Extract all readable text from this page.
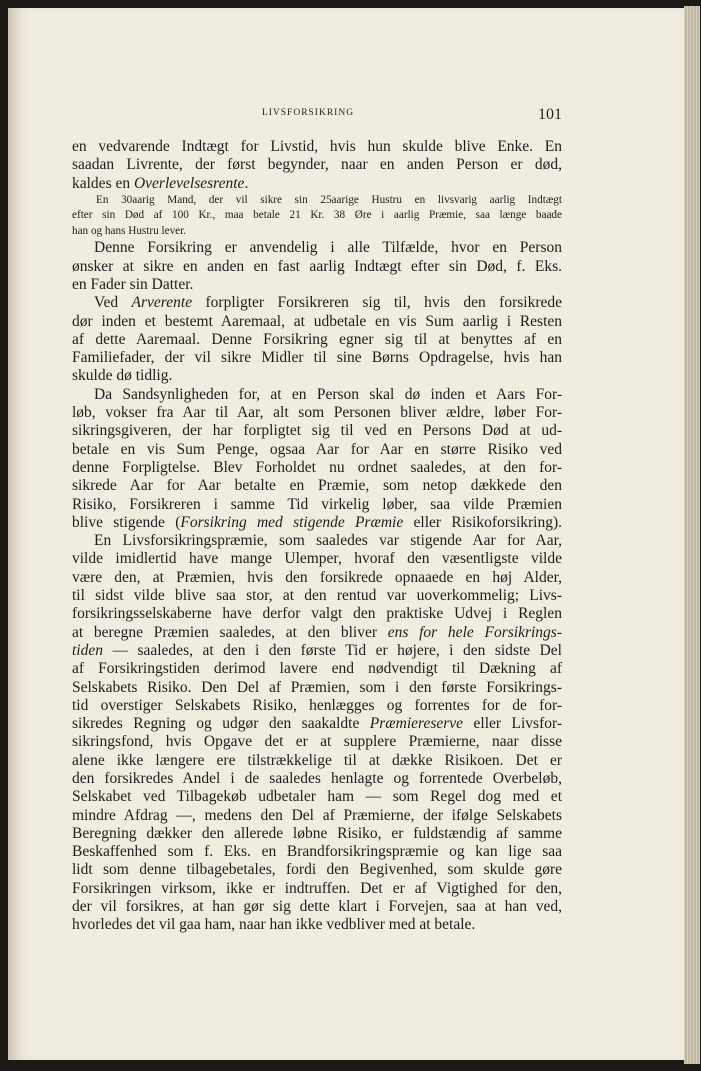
LIVSFORSIKRING	101
en vedvarende Indtægt for Livstid, hvis hun skulde blive Enke. En
saadan Livrente, der først begynder, naar en anden Person er død,
kaldes en Overlevelsesrente.
En 30aarig Mand, der vil sikre sin 25aarige Hustru en livsvarig aarlig Indtægt
efter sin Død af 100 Kr., maa betale 21 Kr. 38 Øre i aarlig Præmie, saa længe baade
han og hans Hustru lever.
Denne Forsikring er anvendelig i alle Tilfælde, hvor en Person
ønsker at sikre en anden en fast aarlig Indtægt efter sin Død, f. Eks.
en Fader sin Datter.
Ved Arverente forpligter Forsikreren sig til, hvis den forsikrede
dør inden et bestemt Aaremaal, at udbetale en vis Sum aarlig i Resten
af dette Aaremaal. Denne Forsikring egner sig til at benyttes af en
Familiefader, der vil sikre Midler til sine Børns Opdragelse, hvis han
skulde dø tidlig.
Da Sandsynligheden for, at en Person skal dø inden et Aars For-
løb, vokser fra Aar til Aar, alt som Personen bliver ældre, løber For-
sikringsgiveren, der har forpligtet sig til ved en Persons Død at ud-
betale en vis Sum Penge, ogsaa Aar for Aar en større Risiko ved
denne Forpligtelse. Blev Forholdet nu ordnet saaledes, at den for-
sikrede Aar for Aar betalte en Præmie, som netop dækkede den
Risiko, Forsikreren i samme Tid virkelig løber, saa vilde Præmien
blive stigende (Forsikring med stigende Præmie eller Risikoforsikring).
En Livsforsikringspræmie, som saaledes var stigende Aar for Aar,
vilde imidlertid have mange Ulemper, hvoraf den væsentligste vilde
være den, at Præmien, hvis den forsikrede opnaaede en høj Alder,
til sidst vilde blive saa stor, at den rentud var uoverkommelig; Livs-
forsikringsselskaberne have derfor valgt den praktiske Udvej i Reglen
at beregne Præmien saaledes, at den bliver ens for hele Forsikrings-
tiden — saaledes, at den i den første Tid er højere, i den sidste Del
af Forsikringstiden derimod lavere end nødvendigt til Dækning af
Selskabets Risiko. Den Del af Præmien, som i den første Forsikrings-
tid overstiger Selskabets Risiko, henlægges og forrentes for de for-
sikredes Regning og udgør den saakaldte Præmiereserve eller Livsfor-
sikringsfond, hvis Opgave det er at supplere Præmierne, naar disse
alene ikke længere ere tilstrækkelige til at dække Risikoen. Det er
den forsikredes Andel i de saaledes henlagte og forrentede Overbeløb,
Selskabet ved Tilbagekøb udbetaler ham — som Regel dog med et
mindre Afdrag —, medens den Del af Præmierne, der ifølge Selskabets
Beregning dækker den allerede løbne Risiko, er fuldstændig af samme
Beskaffenhed som f. Eks. en Brandforsikringspræmie og kan lige saa
lidt som denne tilbagebetales, fordi den Begivenhed, som skulde gøre
Forsikringen virksom, ikke er indtruffen. Det er af Vigtighed for den,
der vil forsikres, at han gør sig dette klart i Forvejen, saa at han ved,
hvorledes det vil gaa ham, naar han ikke vedbliver med at betale.
